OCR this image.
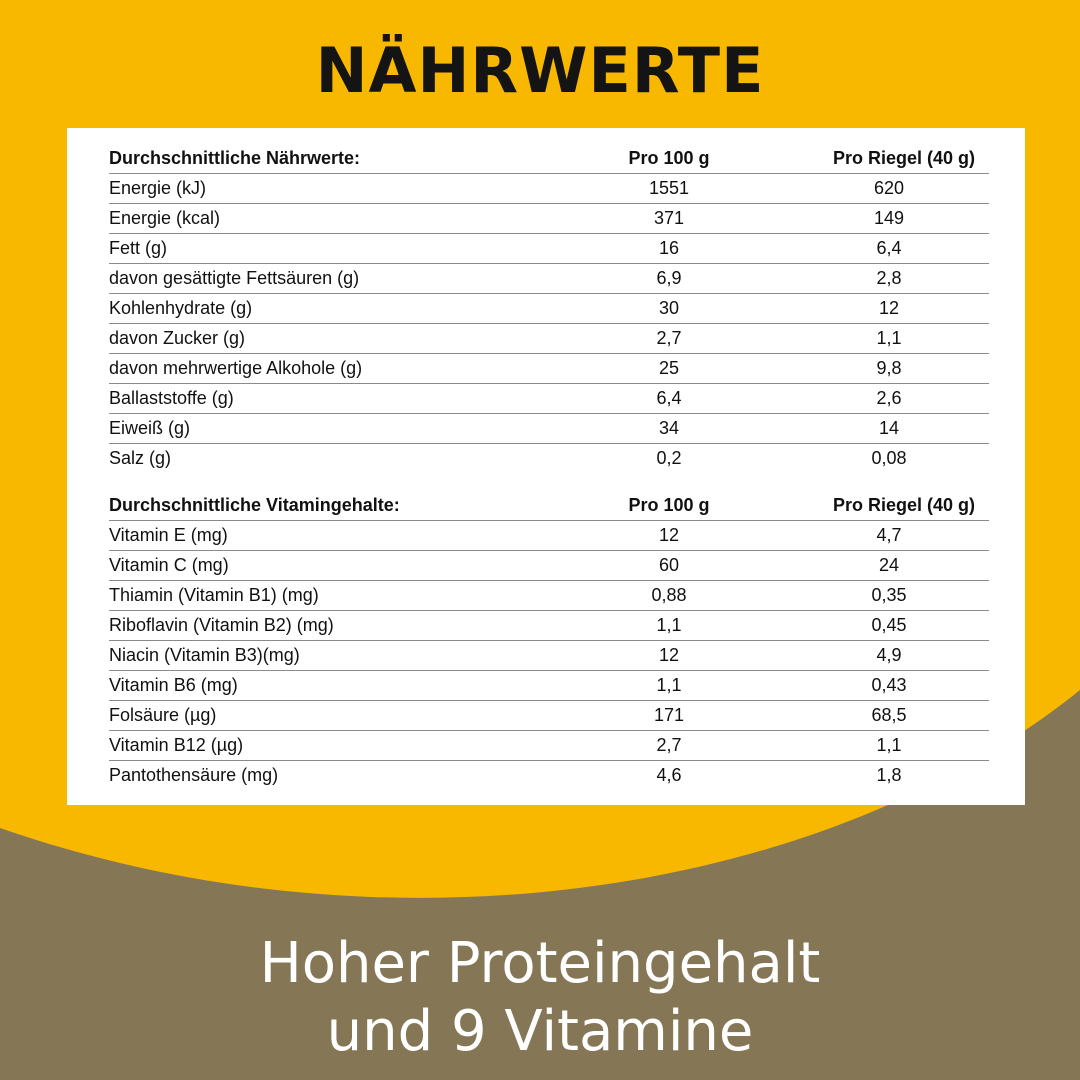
NÄHRWERTE
Durchschnittliche Nährwerte:	Pro 100 g	Pro Riegel (40 g)
Energie (kJ)	1551	620
Energie (kcal)	371	149
Fett (g)	16	6,4
davon gesättigte Fettsäuren (g)	6,9	2,8
Kohlenhydrate (g)	30	12
davon Zucker (g)	2,7	1,1
davon mehrwertige Alkohole (g)	25	9,8
Ballaststoffe (g)	6,4	2,6
Eiweiß (g)	34	14
Salz (g)	0,2	0,08

Durchschnittliche Vitamingehalte:	Pro 100 g	Pro Riegel (40 g)
Vitamin E (mg)	12	4,7
Vitamin C (mg)	60	24
Thiamin (Vitamin B1) (mg)	0,88	0,35
Riboflavin (Vitamin B2) (mg)	1,1	0,45
Niacin (Vitamin B3)(mg)	12	4,9
Vitamin B6 (mg)	1,1	0,43
Folsäure (µg)	171	68,5
Vitamin B12 (µg)	2,7	1,1
Pantothensäure (mg)	4,6	1,8
Hoher Proteingehalt
und 9 Vitamine
